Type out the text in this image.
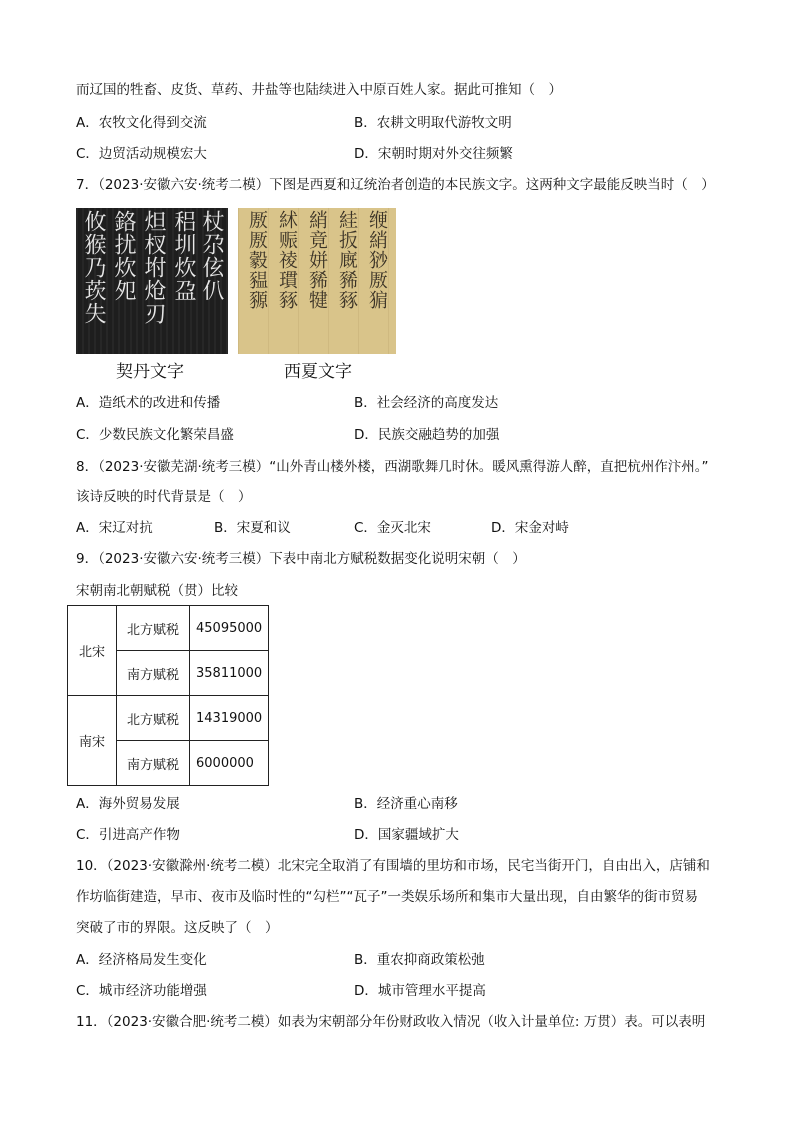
而辽国的牲畜、皮货、草药、井盐等也陆续进入中原百姓人家。据此可推知（　）
A．农牧文化得到交流	B．农耕文明取代游牧文明
C．边贸活动规模宏大	D．宋朝时期对外交往频繁
7．（2023·安徽六安·统考二模）下图是西夏和辽统治者创造的本民族文字。这两种文字最能反映当时（　）
攸猴乃莰失 鉻扰炊夗 炟杈坿炝刃 稆圳炊盁 杖尕伭仈 厫厫豰豱豲 絉赈祾瑻豩 綃竟姘豨犍 絓扳廐豨豩 缏綃猀厫猏
契丹文字	西夏文字
A．造纸术的改进和传播	B．社会经济的高度发达
C．少数民族文化繁荣昌盛	D．民族交融趋势的加强
8．（2023·安徽芜湖·统考三模）“山外青山楼外楼，西湖歌舞几时休。暖风熏得游人醉，直把杭州作汴州。”
该诗反映的时代背景是（　）
A．宋辽对抗	B．宋夏和议	C．金灭北宋	D．宋金对峙
9．（2023·安徽六安·统考三模）下表中南北方赋税数据变化说明宋朝（　）
宋朝南北朝赋税（贯）比较
北宋	北方赋税	45095000
	南方赋税	35811000
南宋	北方赋税	14319000
	南方赋税	6000000
A．海外贸易发展	B．经济重心南移
C．引进高产作物	D．国家疆域扩大
10．（2023·安徽滁州·统考二模）北宋完全取消了有围墙的里坊和市场，民宅当街开门，自由出入，店铺和
作坊临街建造，早市、夜市及临时性的“勾栏”“瓦子”一类娱乐场所和集市大量出现，自由繁华的街市贸易
突破了市的界限。这反映了（　）
A．经济格局发生变化	B．重农抑商政策松弛
C．城市经济功能增强	D．城市管理水平提高
11．（2023·安徽合肥·统考二模）如表为宋朝部分年份财政收入情况（收入计量单位: 万贯）表。可以表明
